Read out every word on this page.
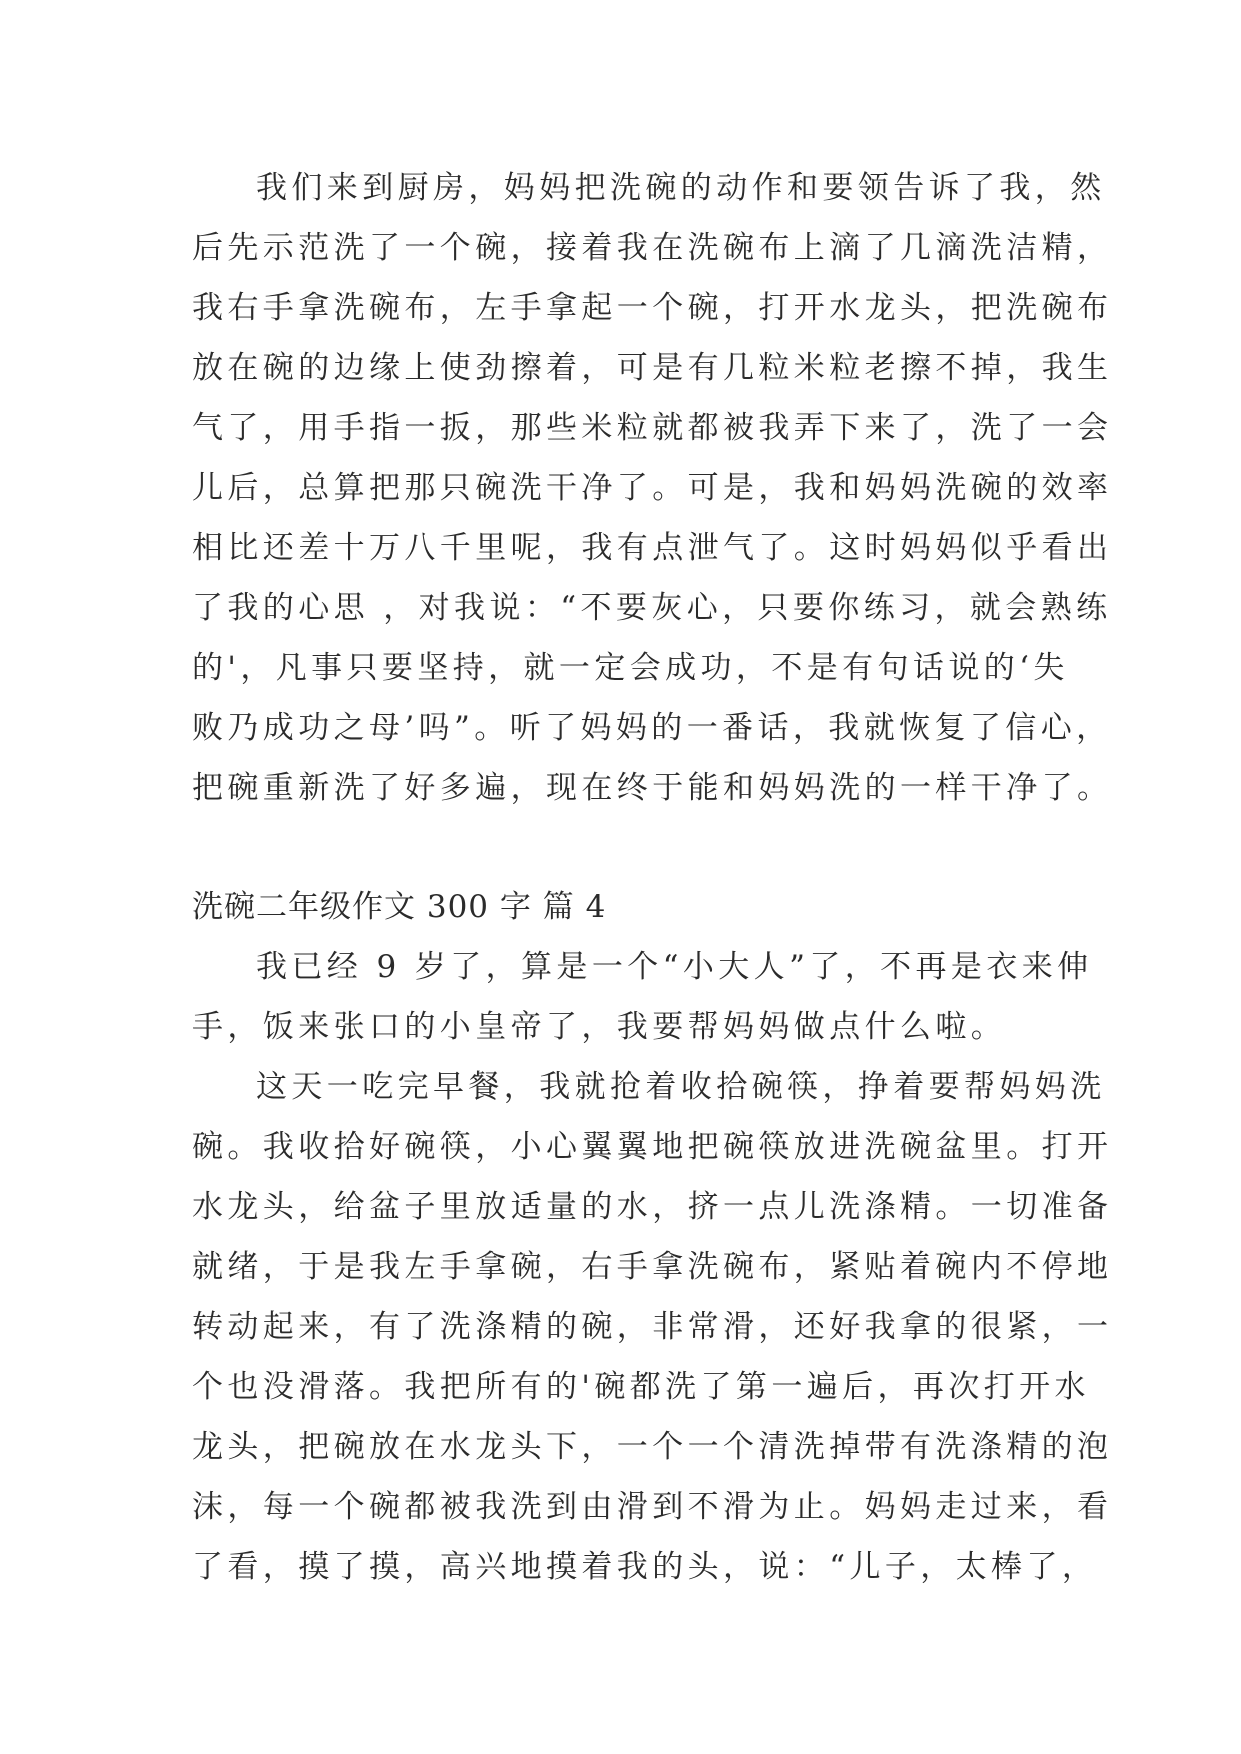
我们来到厨房，妈妈把洗碗的动作和要领告诉了我，然
后先示范洗了一个碗，接着我在洗碗布上滴了几滴洗洁精，
我右手拿洗碗布，左手拿起一个碗，打开水龙头，把洗碗布
放在碗的边缘上使劲擦着，可是有几粒米粒老擦不掉，我生
气了，用手指一扳，那些米粒就都被我弄下来了，洗了一会
儿后，总算把那只碗洗干净了。可是，我和妈妈洗碗的效率
相比还差十万八千里呢，我有点泄气了。这时妈妈似乎看出
了我的心思 ，对我说：“不要灰心，只要你练习，就会熟练
的'，凡事只要坚持，就一定会成功，不是有句话说的‘失
败乃成功之母’吗”。听了妈妈的一番话，我就恢复了信心，
把碗重新洗了好多遍，现在终于能和妈妈洗的一样干净了。
洗碗二年级作文 300 字 篇 4
我已经 9 岁了，算是一个“小大人”了，不再是衣来伸
手，饭来张口的小皇帝了，我要帮妈妈做点什么啦。
这天一吃完早餐，我就抢着收拾碗筷，挣着要帮妈妈洗
碗。我收拾好碗筷，小心翼翼地把碗筷放进洗碗盆里。打开
水龙头，给盆子里放适量的水，挤一点儿洗涤精。一切准备
就绪，于是我左手拿碗，右手拿洗碗布，紧贴着碗内不停地
转动起来，有了洗涤精的碗，非常滑，还好我拿的很紧，一
个也没滑落。我把所有的'碗都洗了第一遍后，再次打开水
龙头，把碗放在水龙头下，一个一个清洗掉带有洗涤精的泡
沫，每一个碗都被我洗到由滑到不滑为止。妈妈走过来，看
了看，摸了摸，高兴地摸着我的头，说：“儿子，太棒了，
